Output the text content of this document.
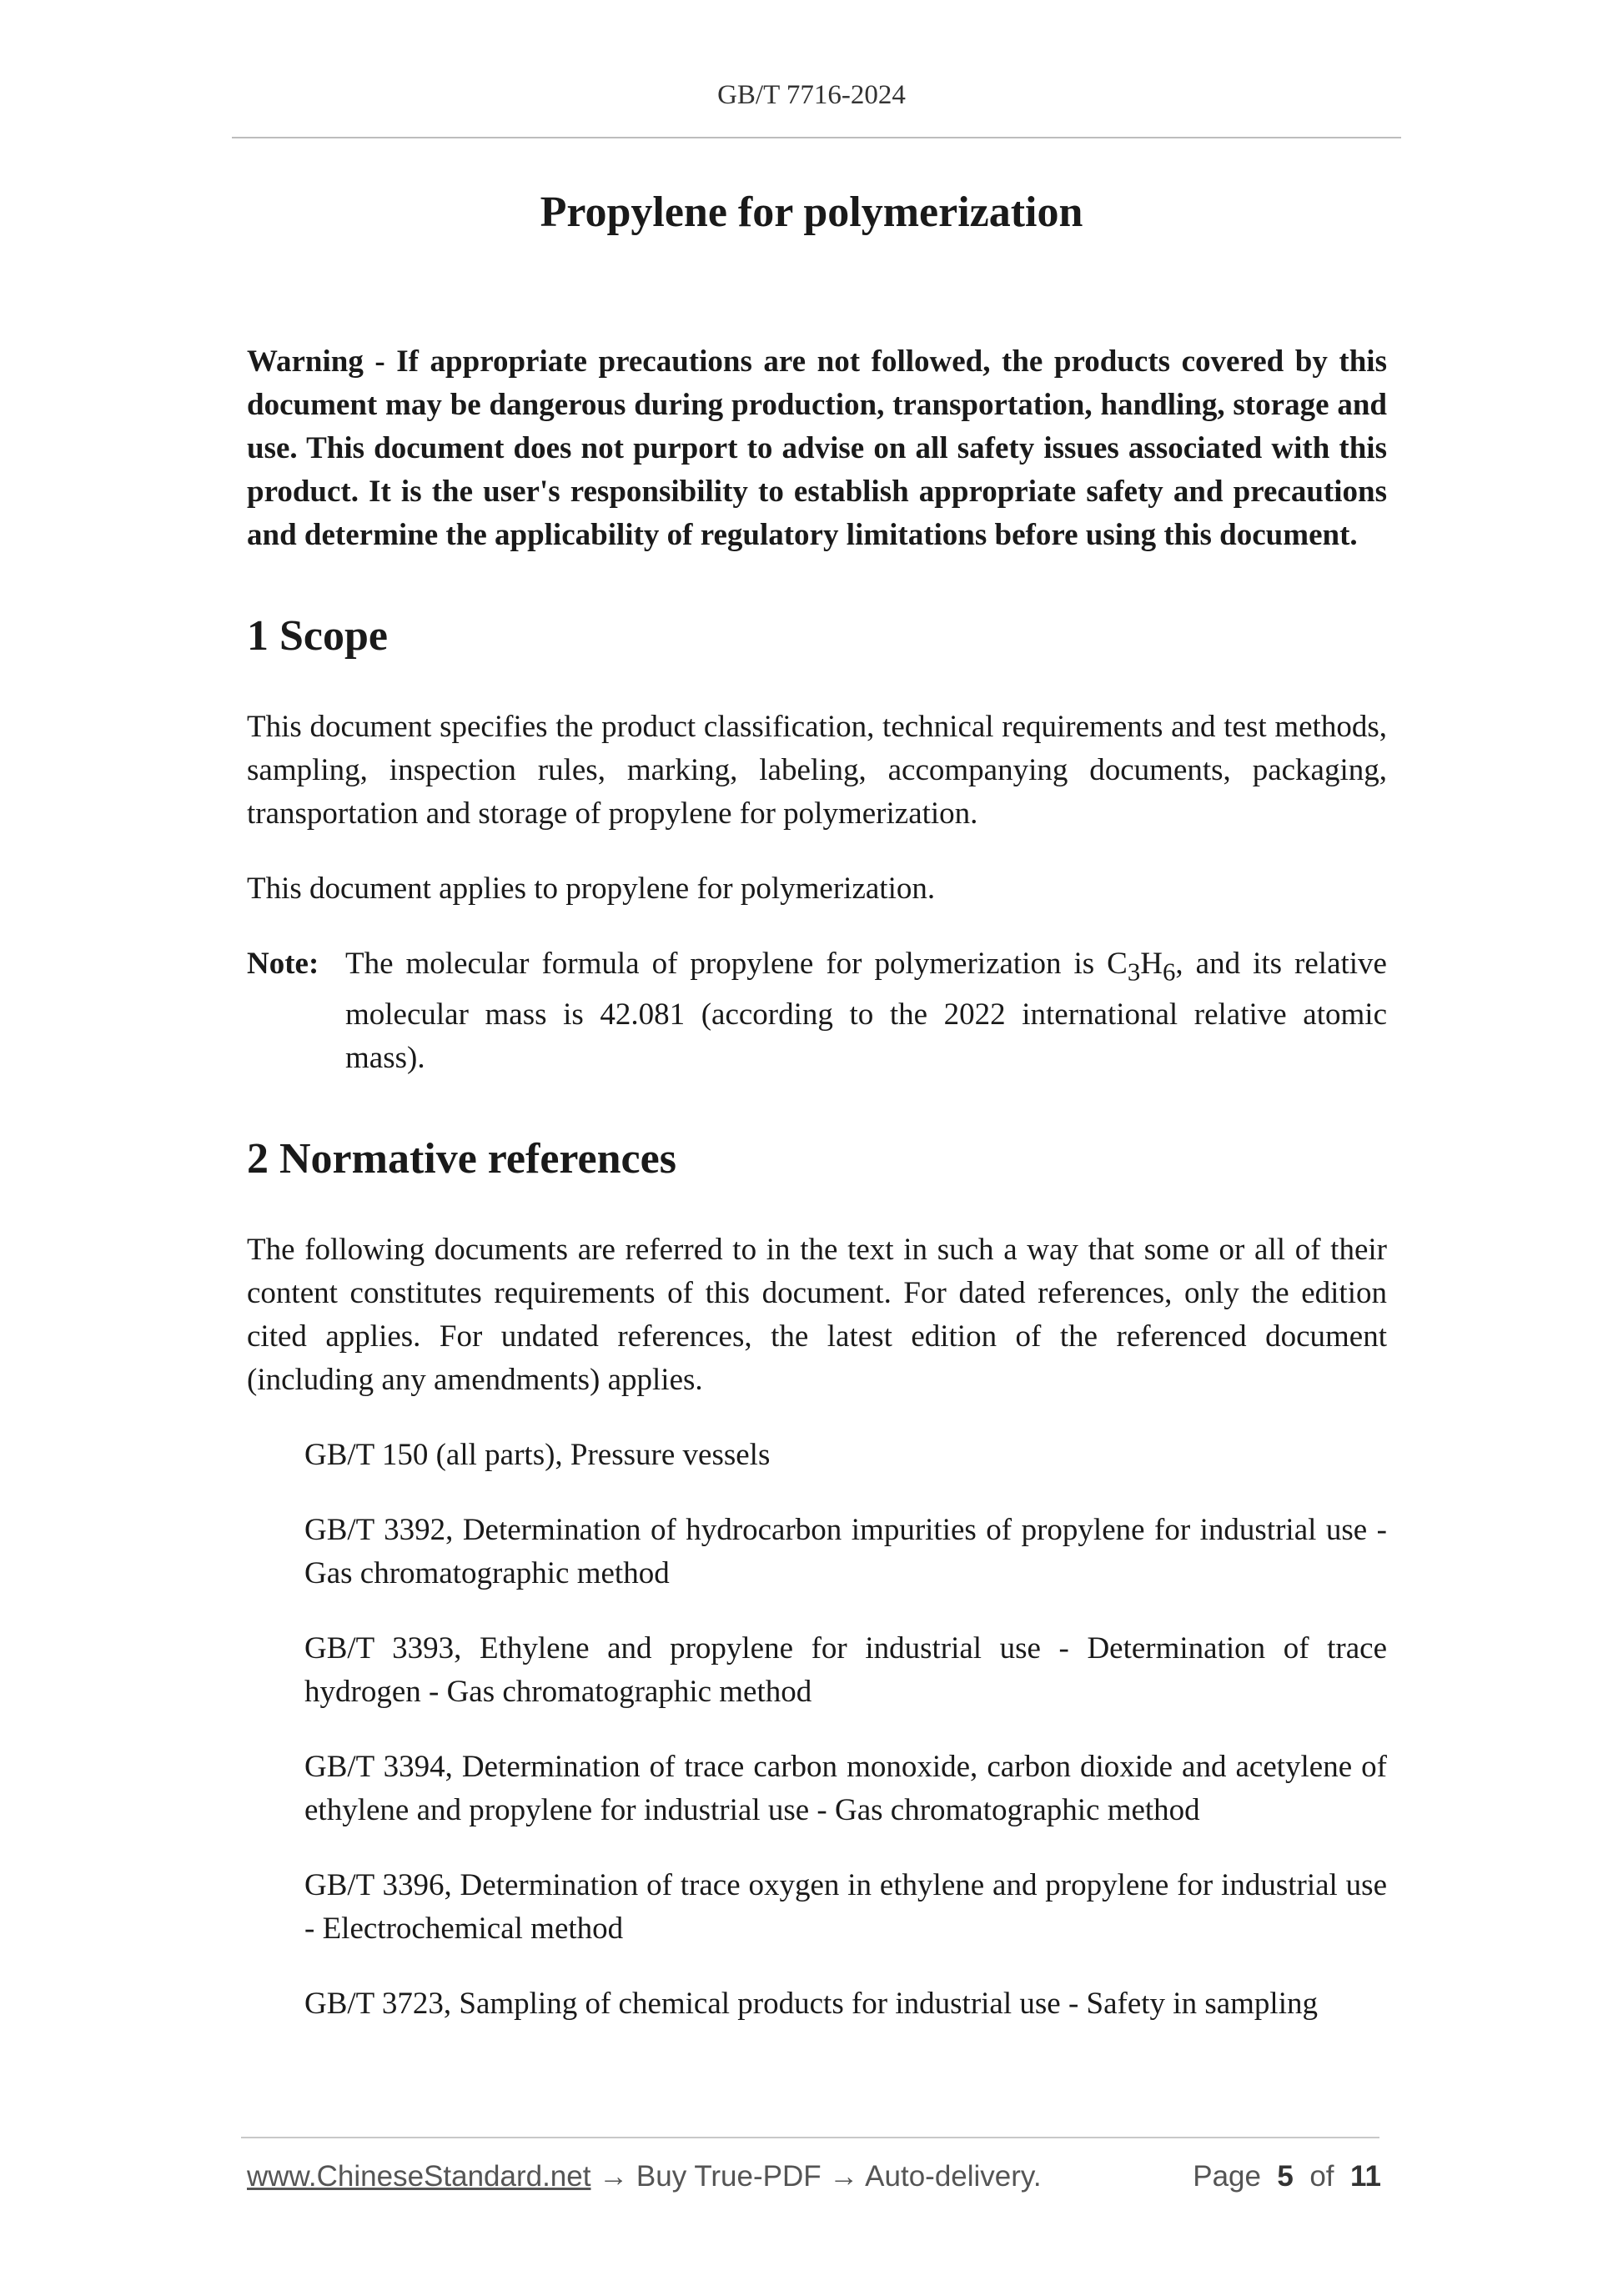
GB/T 7716-2024
Propylene for polymerization

Warning - If appropriate precautions are not followed, the products covered by this document may be dangerous during production, transportation, handling, storage and use. This document does not purport to advise on all safety issues associated with this product. It is the user's responsibility to establish appropriate safety and precautions and determine the applicability of regulatory limitations before using this document.

1 Scope

This document specifies the product classification, technical requirements and test methods, sampling, inspection rules, marking, labeling, accompanying documents, packaging, transportation and storage of propylene for polymerization.

This document applies to propylene for polymerization.

Note: The molecular formula of propylene for polymerization is $C_3H_6$, and its relative molecular mass is 42.081 (according to the 2022 international relative atomic mass).
2 Normative references

The following documents are referred to in the text in such a way that some or all of their content constitutes requirements of this document. For dated references, only the edition cited applies. For undated references, the latest edition of the referenced document (including any amendments) applies.

GB/T 150 (all parts), Pressure vessels
GB/T 3392, Determination of hydrocarbon impurities of propylene for industrial use - Gas chromatographic method
GB/T 3393, Ethylene and propylene for industrial use - Determination of trace hydrogen - Gas chromatographic method
GB/T 3394, Determination of trace carbon monoxide, carbon dioxide and acetylene of ethylene and propylene for industrial use - Gas chromatographic method
GB/T 3396, Determination of trace oxygen in ethylene and propylene for industrial use - Electrochemical method
GB/T 3723, Sampling of chemical products for industrial use - Safety in sampling
www.ChineseStandard.net → Buy True-PDF → Auto-delivery.	Page 5 of 11
